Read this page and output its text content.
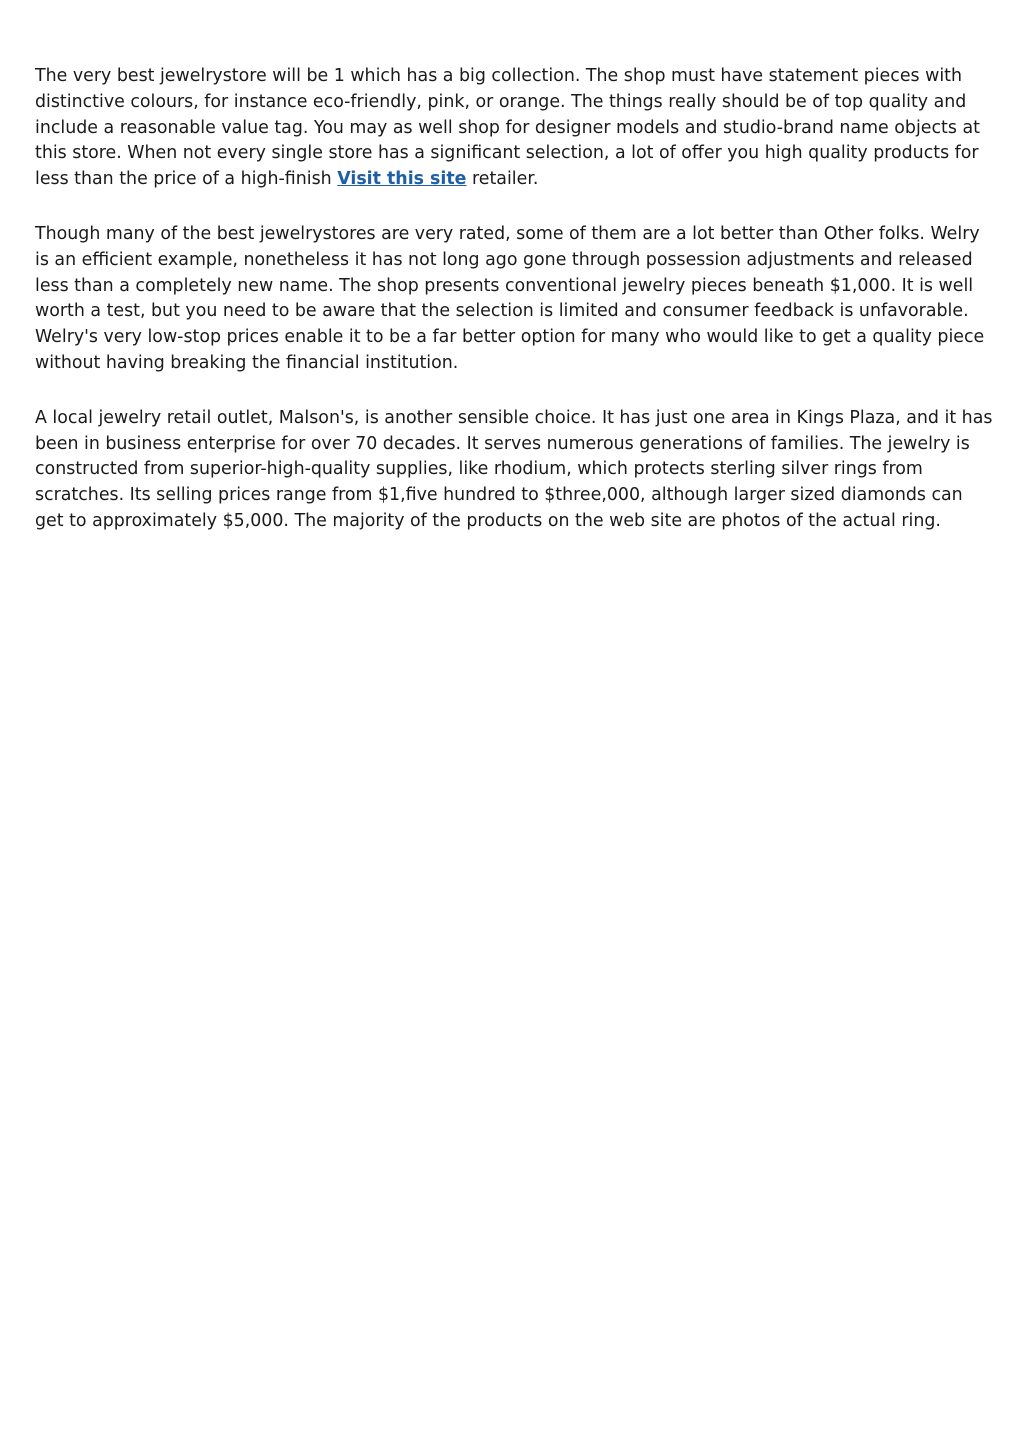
The very best jewelrystore will be 1 which has a big collection. The shop must have statement pieces with distinctive colours, for instance eco-friendly, pink, or orange. The things really should be of top quality and include a reasonable value tag. You may as well shop for designer models and studio-brand name objects at this store. When not every single store has a significant selection, a lot of offer you high quality products for less than the price of a high-finish Visit this site retailer.

Though many of the best jewelrystores are very rated, some of them are a lot better than Other folks. Welry is an efficient example, nonetheless it has not long ago gone through possession adjustments and released less than a completely new name. The shop presents conventional jewelry pieces beneath $1,000. It is well worth a test, but you need to be aware that the selection is limited and consumer feedback is unfavorable. Welry's very low-stop prices enable it to be a far better option for many who would like to get a quality piece without having breaking the financial institution.

A local jewelry retail outlet, Malson's, is another sensible choice. It has just one area in Kings Plaza, and it has been in business enterprise for over 70 decades. It serves numerous generations of families. The jewelry is constructed from superior-high-quality supplies, like rhodium, which protects sterling silver rings from scratches. Its selling prices range from $1,five hundred to $three,000, although larger sized diamonds can get to approximately $5,000. The majority of the products on the web site are photos of the actual ring.
